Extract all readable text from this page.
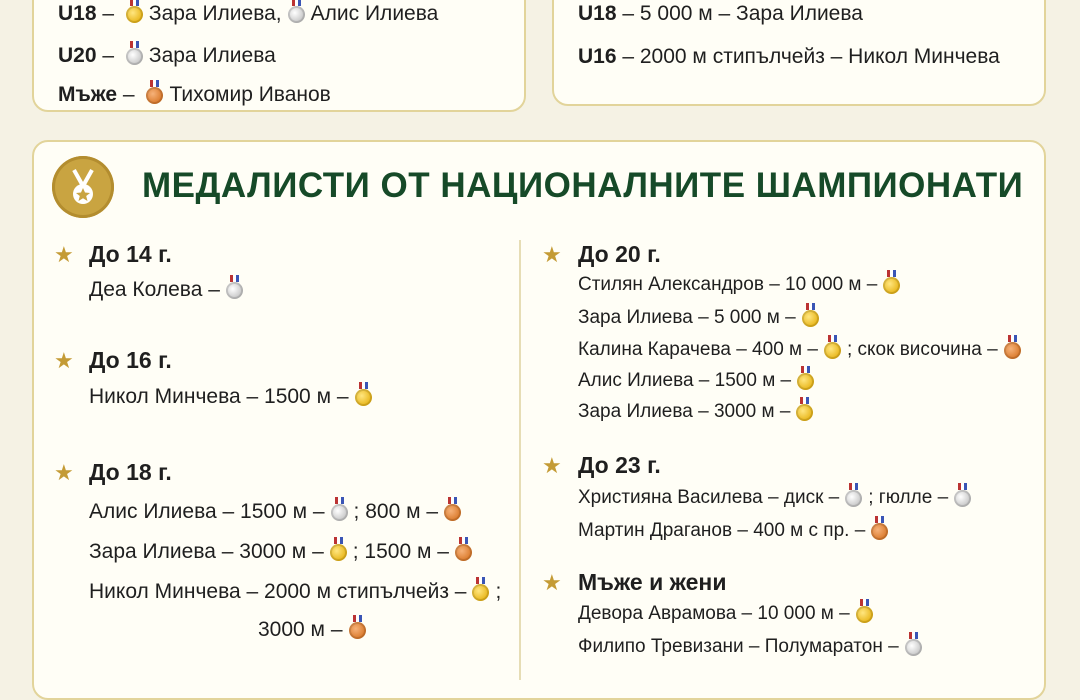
U18 – Зара Илиева, Алис Илиева
U20 – Зара Илиева
Мъже – Тихомир Иванов
U18 – 5 000 м – Зара Илиева
U16 – 2000 м стипълчейз – Никол Минчева
МЕДАЛИСТИ ОТ НАЦИОНАЛНИТЕ ШАМПИОНАТИ
★ До 14 г.
Деа Колева –
★ До 16 г.
Никол Минчева – 1500 м –
★ До 18 г.
Алис Илиева – 1500 м – ; 800 м –
Зара Илиева – 3000 м – ; 1500 м –
Никол Минчева – 2000 м стипълчейз – ;
3000 м –
★ До 20 г.
Стилян Александров – 10 000 м –
Зара Илиева – 5 000 м –
Калина Карачева – 400 м – ; скок височина –
Алис Илиева – 1500 м –
Зара Илиева – 3000 м –
★ До 23 г.
Християна Василева – диск – ; гюлле –
Мартин Драганов – 400 м с пр. –
★ Мъже и жени
Девора Аврамова – 10 000 м –
Филипо Тревизани – Полумаратон –
